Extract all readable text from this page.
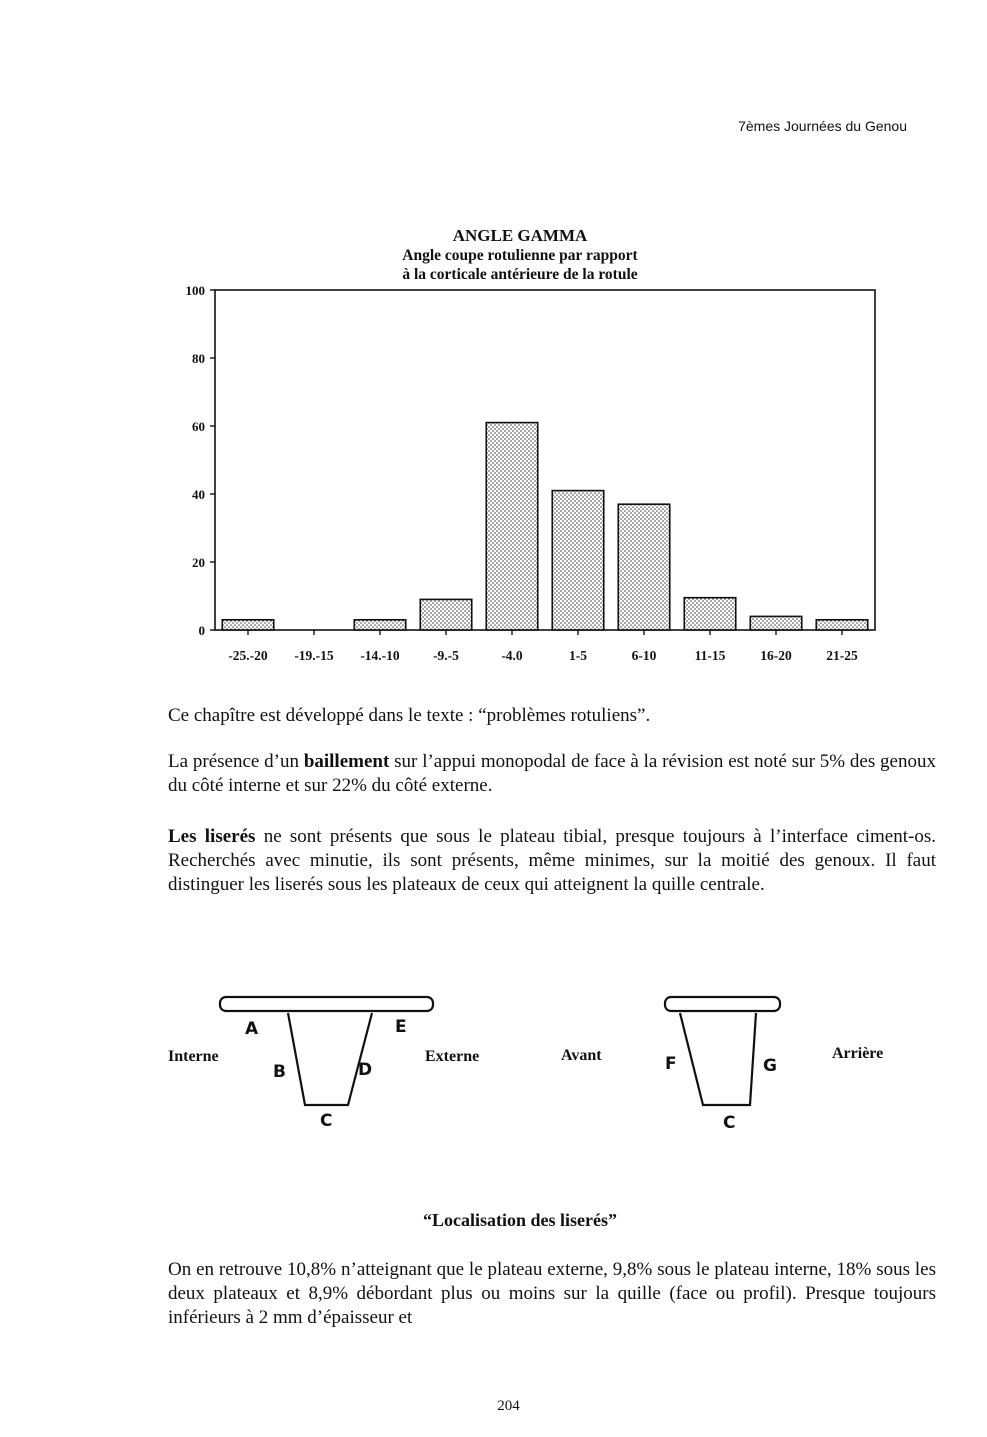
7èmes Journées du Genou
ANGLE GAMMA
Angle coupe rotulienne par rapport
à la corticale antérieure de la rotule
0
20
40
60
80
100
-25.-20 -19.-15 -14.-10 -9.-5	-4.0	1-5	6-10	11-15	16-20	21-25
Ce chapître est développé dans le texte : “problèmes rotuliens”.
La présence d’un baillement sur l’appui monopodal de face à la révision est noté sur 5% des genoux du côté interne et sur 22% du côté externe.
Les liserés ne sont présents que sous le plateau tibial, presque toujours à l’interface ciment-os. Recherchés avec minutie, ils sont présents, même minimes, sur la moitié des genoux. Il faut distinguer les liserés sous les plateaux de ceux qui atteignent la quille centrale.
A	E
B	D
C
F	G
C
Interne	Externe	Avant	Arrière
“Localisation des liserés”
On en retrouve 10,8% n’atteignant que le plateau externe, 9,8% sous le plateau interne, 18% sous les deux plateaux et 8,9% débordant plus ou moins sur la quille (face ou profil). Presque toujours inférieurs à 2 mm d’épaisseur et
204
